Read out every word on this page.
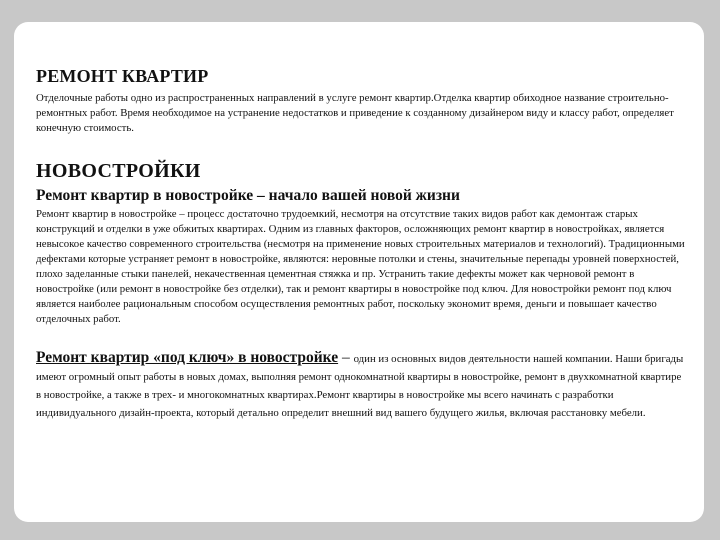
РЕМОНТ КВАРТИР

Отделочные работы одно из распространенных направлений в услуге ремонт квартир.Отделка квартир обиходное название строительно-ремонтных работ. Время необходимое на устранение недостатков и приведение к созданному дизайнером виду и классу работ, определяет конечную стоимость.

НОВОСТРОЙКИ
Ремонт квартир в новостройке – начало вашей новой жизни

Ремонт квартир в новостройке – процесс достаточно трудоемкий, несмотря на отсутствие таких видов работ как демонтаж старых конструкций и отделки в уже обжитых квартирах. Одним из главных факторов, осложняющих ремонт квартир в новостройках, является невысокое качество современного строительства (несмотря на применение новых строительных материалов и технологий). Традиционными дефектами которые устраняет ремонт в новостройке, являются: неровные потолки и стены, значительные перепады уровней поверхностей, плохо заделанные стыки панелей, некачественная цементная стяжка и пр. Устранить такие дефекты может как черновой ремонт в новостройке (или ремонт в новостройке без отделки), так и ремонт квартиры в новостройке под ключ. Для новостройки ремонт под ключ является наиболее рациональным способом осуществления ремонтных работ, поскольку экономит время, деньги и повышает качество отделочных работ.

Ремонт квартир «под ключ» в новостройке – один из основных видов деятельности нашей компании. Наши бригады имеют огромный опыт работы в новых домах, выполняя ремонт однокомнатной квартиры в новостройке, ремонт в двухкомнатной квартире в новостройке, а также в трех- и многокомнатных квартирах.Ремонт квартиры в новостройке мы всего начинать с разработки индивидуального дизайн-проекта, который детально определит внешний вид вашего будущего жилья, включая расстановку мебели.
